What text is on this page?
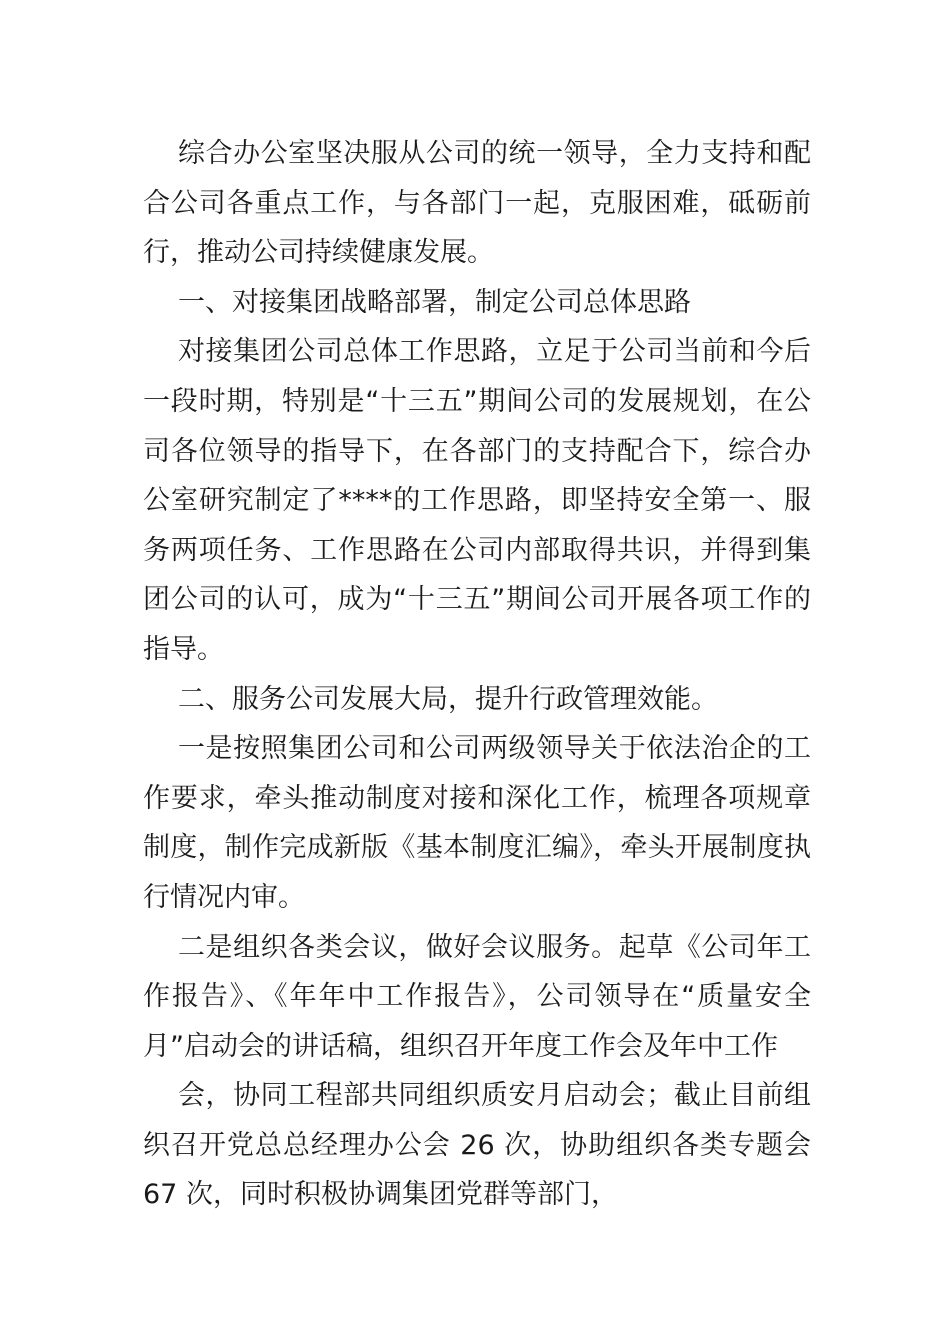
综合办公室坚决服从公司的统一领导，全力支持和配合公司各重点工作，与各部门一起，克服困难，砥砺前行，推动公司持续健康发展。

一、对接集团战略部署，制定公司总体思路

对接集团公司总体工作思路，立足于公司当前和今后一段时期，特别是“十三五”期间公司的发展规划，在公司各位领导的指导下，在各部门的支持配合下，综合办公室研究制定了****的工作思路，即坚持安全第一、服务两项任务、工作思路在公司内部取得共识，并得到集团公司的认可，成为“十三五”期间公司开展各项工作的指导。

二、服务公司发展大局，提升行政管理效能。

一是按照集团公司和公司两级领导关于依法治企的工作要求，牵头推动制度对接和深化工作，梳理各项规章制度，制作完成新版《基本制度汇编》，牵头开展制度执行情况内审。

二是组织各类会议，做好会议服务。起草《公司年工作报告》、《年年中工作报告》，公司领导在“质量安全月”启动会的讲话稿，组织召开年度工作会及年中工作

会，协同工程部共同组织质安月启动会；截止目前组织召开党总总经理办公会 26 次，协助组织各类专题会 67 次，同时积极协调集团党群等部门，
